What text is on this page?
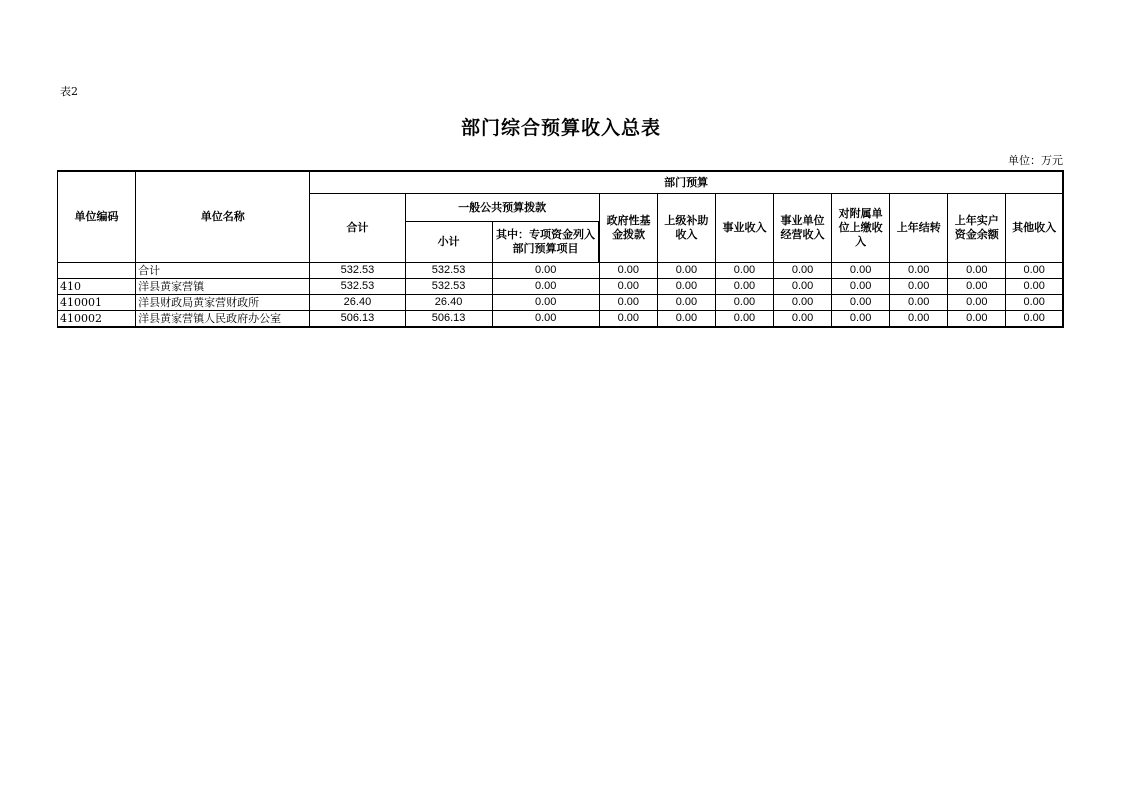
表2
部门综合预算收入总表
单位：万元
单位编码	单位名称	部门预算										
		合计	一般公共预算拨款		政府性基金拨款	上级补助收入	事业收入	事业单位经营收入	对附属单位上缴收入	上年结转	上年实户资金余额	其他收入
			小计	其中：专项资金列入部门预算项目								
	合计	532.53	532.53	0.00	0.00	0.00	0.00	0.00	0.00	0.00	0.00	0.00
410	洋县黄家营镇	532.53	532.53	0.00	0.00	0.00	0.00	0.00	0.00	0.00	0.00	0.00
410001	洋县财政局黄家营财政所	26.40	26.40	0.00	0.00	0.00	0.00	0.00	0.00	0.00	0.00	0.00
410002	洋县黄家营镇人民政府办公室	506.13	506.13	0.00	0.00	0.00	0.00	0.00	0.00	0.00	0.00	0.00
